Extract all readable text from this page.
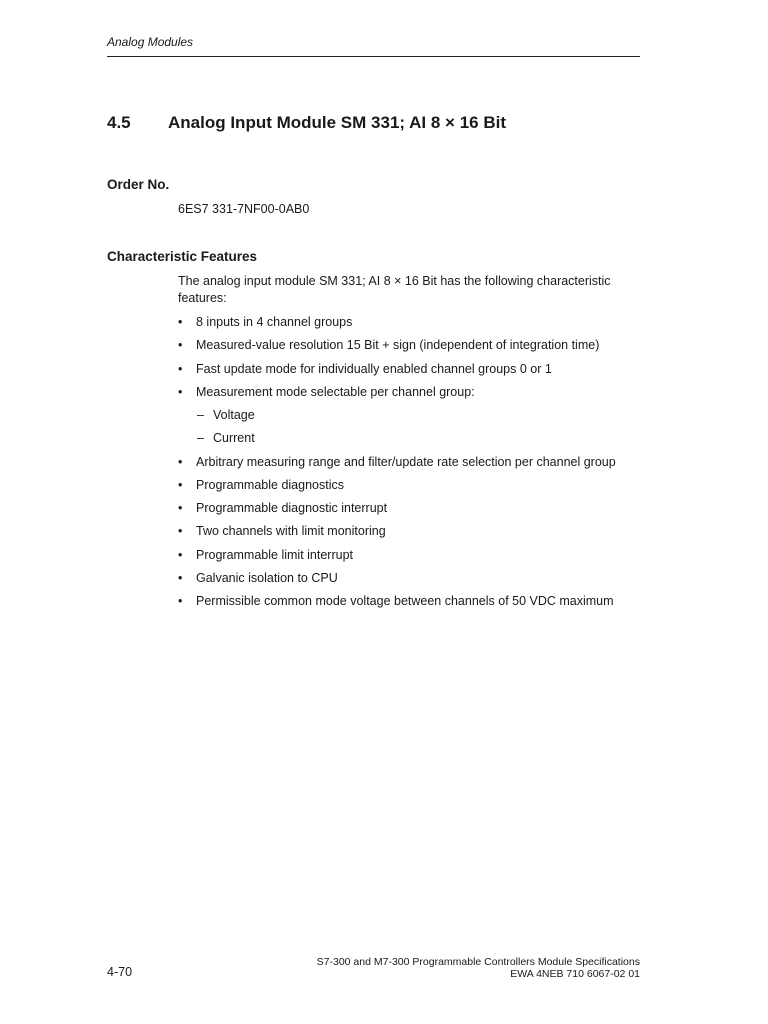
Analog Modules
4.5 Analog Input Module SM 331; AI 8 × 16 Bit
Order No.
6ES7 331-7NF00-0AB0
Characteristic Features

The analog input module SM 331; AI 8 × 16 Bit has the following characteristic features:

• 8 inputs in 4 channel groups
• Measured-value resolution 15 Bit + sign (independent of integration time)
• Fast update mode for individually enabled channel groups 0 or 1
• Measurement mode selectable per channel group:
– Voltage
– Current
• Arbitrary measuring range and filter/update rate selection per channel group
• Programmable diagnostics
• Programmable diagnostic interrupt
• Two channels with limit monitoring
• Programmable limit interrupt
• Galvanic isolation to CPU
• Permissible common mode voltage between channels of 50 VDC maximum
4-70
S7-300 and M7-300 Programmable Controllers Module Specifications
EWA 4NEB 710 6067-02 01
